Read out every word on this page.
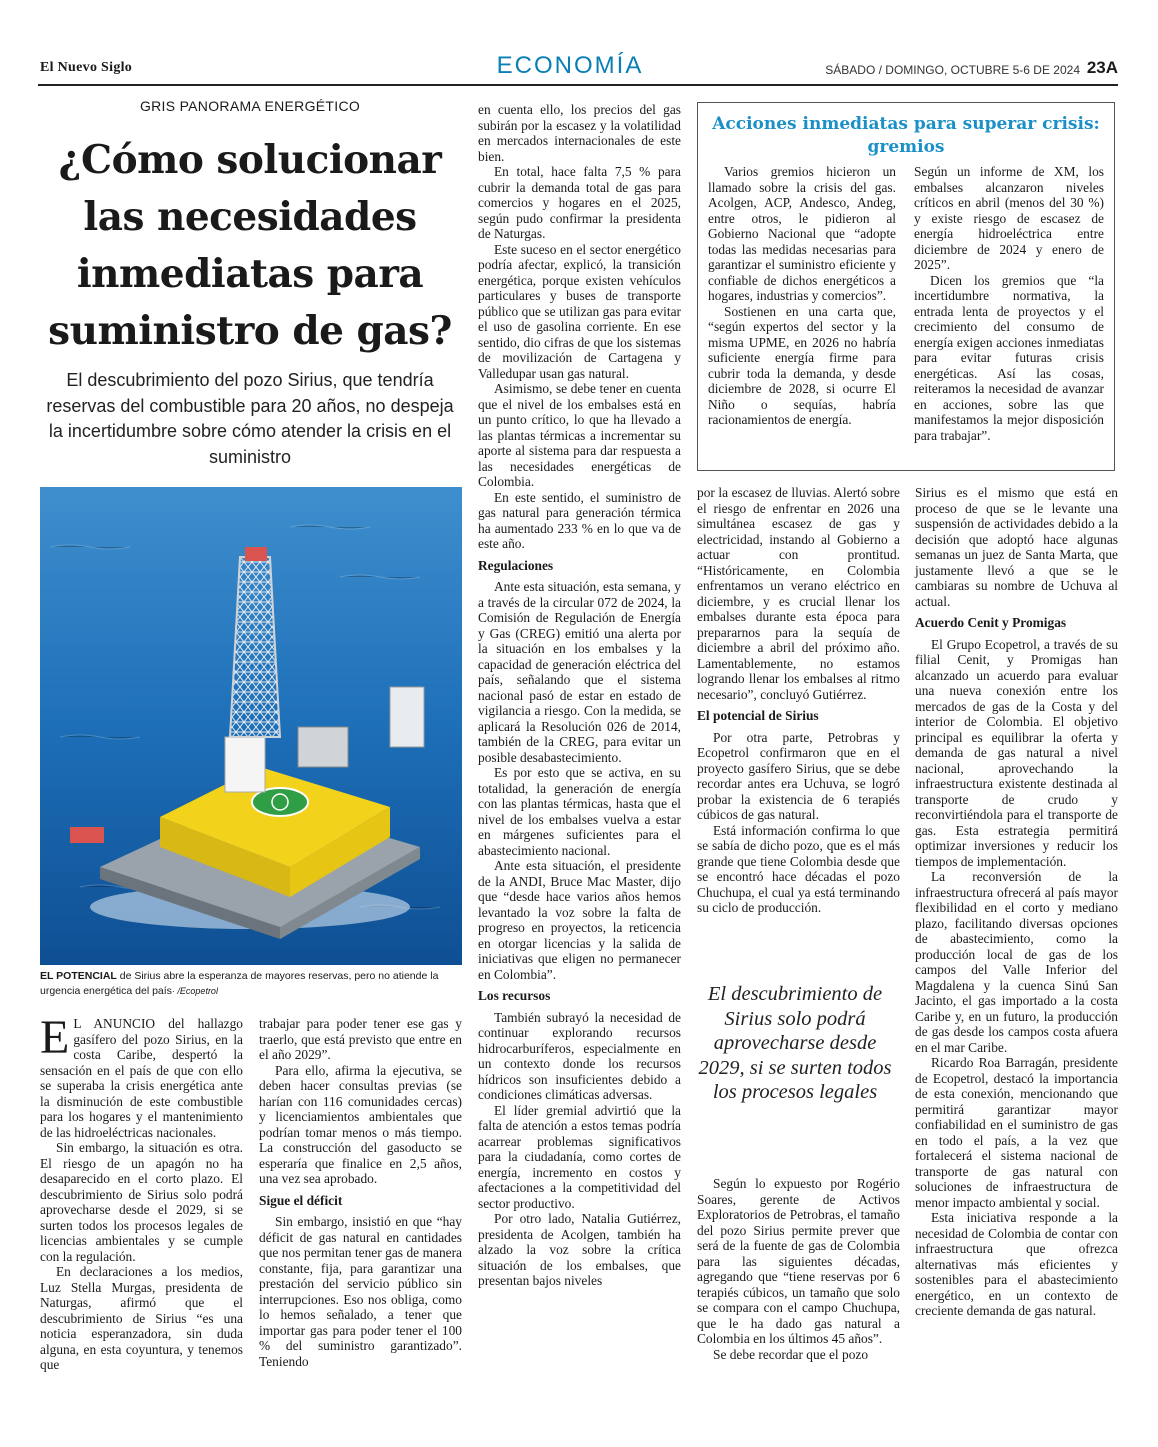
El Nuevo Siglo	ECONOMÍA	SÁBADO / DOMINGO, OCTUBRE 5-6 DE 2024 23A
GRIS PANORAMA ENERGÉTICO
¿Cómo solucionar las necesidades inmediatas para suministro de gas?
El descubrimiento del pozo Sirius, que tendría reservas del combustible para 20 años, no despeja la incertidumbre sobre cómo atender la crisis en el suministro
EL POTENCIAL de Sirius abre la esperanza de mayores reservas, pero no atiende la urgencia energética del país· /Ecopetrol

E L ANUNCIO del hallazgo gasífero del pozo Sirius, en la costa Caribe, despertó la sensación en el país de que con ello se superaba la crisis energética ante la disminución de este combustible para los hogares y el mantenimiento de las hidroeléctricas nacionales.

Sin embargo, la situación es otra. El riesgo de un apagón no ha desaparecido en el corto plazo. El descubrimiento de Sirius solo podrá aprovecharse desde el 2029, si se surten todos los procesos legales de licencias ambientales y se cumple con la regulación.

En declaraciones a los medios, Luz Stella Murgas, presidenta de Naturgas, afirmó que el descubrimiento de Sirius “es una noticia esperanzadora, sin duda alguna, en esta coyuntura, y tenemos que

trabajar para poder tener ese gas y traerlo, que está previsto que entre en el año 2029”.

Para ello, afirma la ejecutiva, se deben hacer consultas previas (se harían con 116 comunidades cercas) y licenciamientos ambientales que podrían tomar menos o más tiempo. La construcción del gasoducto se esperaría que finalice en 2,5 años, una vez sea aprobado.

Sigue el déficit

Sin embargo, insistió en que “hay déficit de gas natural en cantidades que nos permitan tener gas de manera constante, fija, para garantizar una prestación del servicio público sin interrupciones. Eso nos obliga, como lo hemos señalado, a tener que importar gas para poder tener el 100 % del suministro garantizado”. Teniendo

en cuenta ello, los precios del gas subirán por la escasez y la volatilidad en mercados internacionales de este bien.

En total, hace falta 7,5 % para cubrir la demanda total de gas para comercios y hogares en el 2025, según pudo confirmar la presidenta de Naturgas.

Este suceso en el sector energético podría afectar, explicó, la transición energética, porque existen vehículos particulares y buses de transporte público que se utilizan gas para evitar el uso de gasolina corriente. En ese sentido, dio cifras de que los sistemas de movilización de Cartagena y Valledupar usan gas natural.

Asimismo, se debe tener en cuenta que el nivel de los embalses está en un punto crítico, lo que ha llevado a las plantas térmicas a incrementar su aporte al sistema para dar respuesta a las necesidades energéticas de Colombia.

En este sentido, el suministro de gas natural para generación térmica ha aumentado 233 % en lo que va de este año.

Regulaciones

Ante esta situación, esta semana, y a través de la circular 072 de 2024, la Comisión de Regulación de Energía y Gas (CREG) emitió una alerta por la situación en los embalses y la capacidad de generación eléctrica del país, señalando que el sistema nacional pasó de estar en estado de vigilancia a riesgo. Con la medida, se aplicará la Resolución 026 de 2014, también de la CREG, para evitar un posible desabastecimiento.

Es por esto que se activa, en su totalidad, la generación de energía con las plantas térmicas, hasta que el nivel de los embalses vuelva a estar en márgenes suficientes para el abastecimiento nacional.

Ante esta situación, el presidente de la ANDI, Bruce Mac Master, dijo que “desde hace varios años hemos levantado la voz sobre la falta de progreso en proyectos, la reticencia en otorgar licencias y la salida de iniciativas que eligen no permanecer en Colombia”.

Los recursos

También subrayó la necesidad de continuar explorando recursos hidrocarburíferos, especialmente en un contexto donde los recursos hídricos son insuficientes debido a condiciones climáticas adversas.

El líder gremial advirtió que la falta de atención a estos temas podría acarrear problemas significativos para la ciudadanía, como cortes de energía, incremento en costos y afectaciones a la competitividad del sector productivo.

Por otro lado, Natalia Gutiérrez, presidenta de Acolgen, también ha alzado la voz sobre la crítica situación de los embalses, que presentan bajos niveles

Acciones inmediatas para superar crisis: gremios

Varios gremios hicieron un llamado sobre la crisis del gas. Acolgen, ACP, Andesco, Andeg, entre otros, le pidieron al Gobierno Nacional que “adopte todas las medidas necesarias para garantizar el suministro eficiente y confiable de dichos energéticos a hogares, industrias y comercios”.

Sostienen en una carta que, “según expertos del sector y la misma UPME, en 2026 no habría suficiente energía firme para cubrir toda la demanda, y desde diciembre de 2028, si ocurre El Niño o sequías, habría racionamientos de energía.

Según un informe de XM, los embalses alcanzaron niveles críticos en abril (menos del 30 %) y existe riesgo de escasez de energía hidroeléctrica entre diciembre de 2024 y enero de 2025”.

Dicen los gremios que “la incertidumbre normativa, la entrada lenta de proyectos y el crecimiento del consumo de energía exigen acciones inmediatas para evitar futuras crisis energéticas. Así las cosas, reiteramos la necesidad de avanzar en acciones, sobre las que manifestamos la mejor disposición para trabajar”.

por la escasez de lluvias. Alertó sobre el riesgo de enfrentar en 2026 una simultánea escasez de gas y electricidad, instando al Gobierno a actuar con prontitud. “Históricamente, en Colombia enfrentamos un verano eléctrico en diciembre, y es crucial llenar los embalses durante esta época para prepararnos para la sequía de diciembre a abril del próximo año. Lamentablemente, no estamos logrando llenar los embalses al ritmo necesario”, concluyó Gutiérrez.

El potencial de Sirius

Por otra parte, Petrobras y Ecopetrol confirmaron que en el proyecto gasífero Sirius, que se debe recordar antes era Uchuva, se logró probar la existencia de 6 terapiés cúbicos de gas natural.

Está información confirma lo que se sabía de dicho pozo, que es el más grande que tiene Colombia desde que se encontró hace décadas el pozo Chuchupa, el cual ya está terminando su ciclo de producción.

El descubrimiento de Sirius solo podrá aprovecharse desde 2029, si se surten todos los procesos legales

Según lo expuesto por Rogério Soares, gerente de Activos Exploratorios de Petrobras, el tamaño del pozo Sirius permite prever que será de la fuente de gas de Colombia para las siguientes décadas, agregando que “tiene reservas por 6 terapiés cúbicos, un tamaño que solo se compara con el campo Chuchupa, que le ha dado gas natural a Colombia en los últimos 45 años”.

Se debe recordar que el pozo

Sirius es el mismo que está en proceso de que se le levante una suspensión de actividades debido a la decisión que adoptó hace algunas semanas un juez de Santa Marta, que justamente llevó a que se le cambiaras su nombre de Uchuva al actual.

Acuerdo Cenit y Promigas

El Grupo Ecopetrol, a través de su filial Cenit, y Promigas han alcanzado un acuerdo para evaluar una nueva conexión entre los mercados de gas de la Costa y del interior de Colombia. El objetivo principal es equilibrar la oferta y demanda de gas natural a nivel nacional, aprovechando la infraestructura existente destinada al transporte de crudo y reconvirtiéndola para el transporte de gas. Esta estrategia permitirá optimizar inversiones y reducir los tiempos de implementación.

La reconversión de la infraestructura ofrecerá al país mayor flexibilidad en el corto y mediano plazo, facilitando diversas opciones de abastecimiento, como la producción local de gas de los campos del Valle Inferior del Magdalena y la cuenca Sinú San Jacinto, el gas importado a la costa Caribe y, en un futuro, la producción de gas desde los campos costa afuera en el mar Caribe.

Ricardo Roa Barragán, presidente de Ecopetrol, destacó la importancia de esta conexión, mencionando que permitirá garantizar mayor confiabilidad en el suministro de gas en todo el país, a la vez que fortalecerá el sistema nacional de transporte de gas natural con soluciones de infraestructura de menor impacto ambiental y social.

Esta iniciativa responde a la necesidad de Colombia de contar con infraestructura que ofrezca alternativas más eficientes y sostenibles para el abastecimiento energético, en un contexto de creciente demanda de gas natural.
